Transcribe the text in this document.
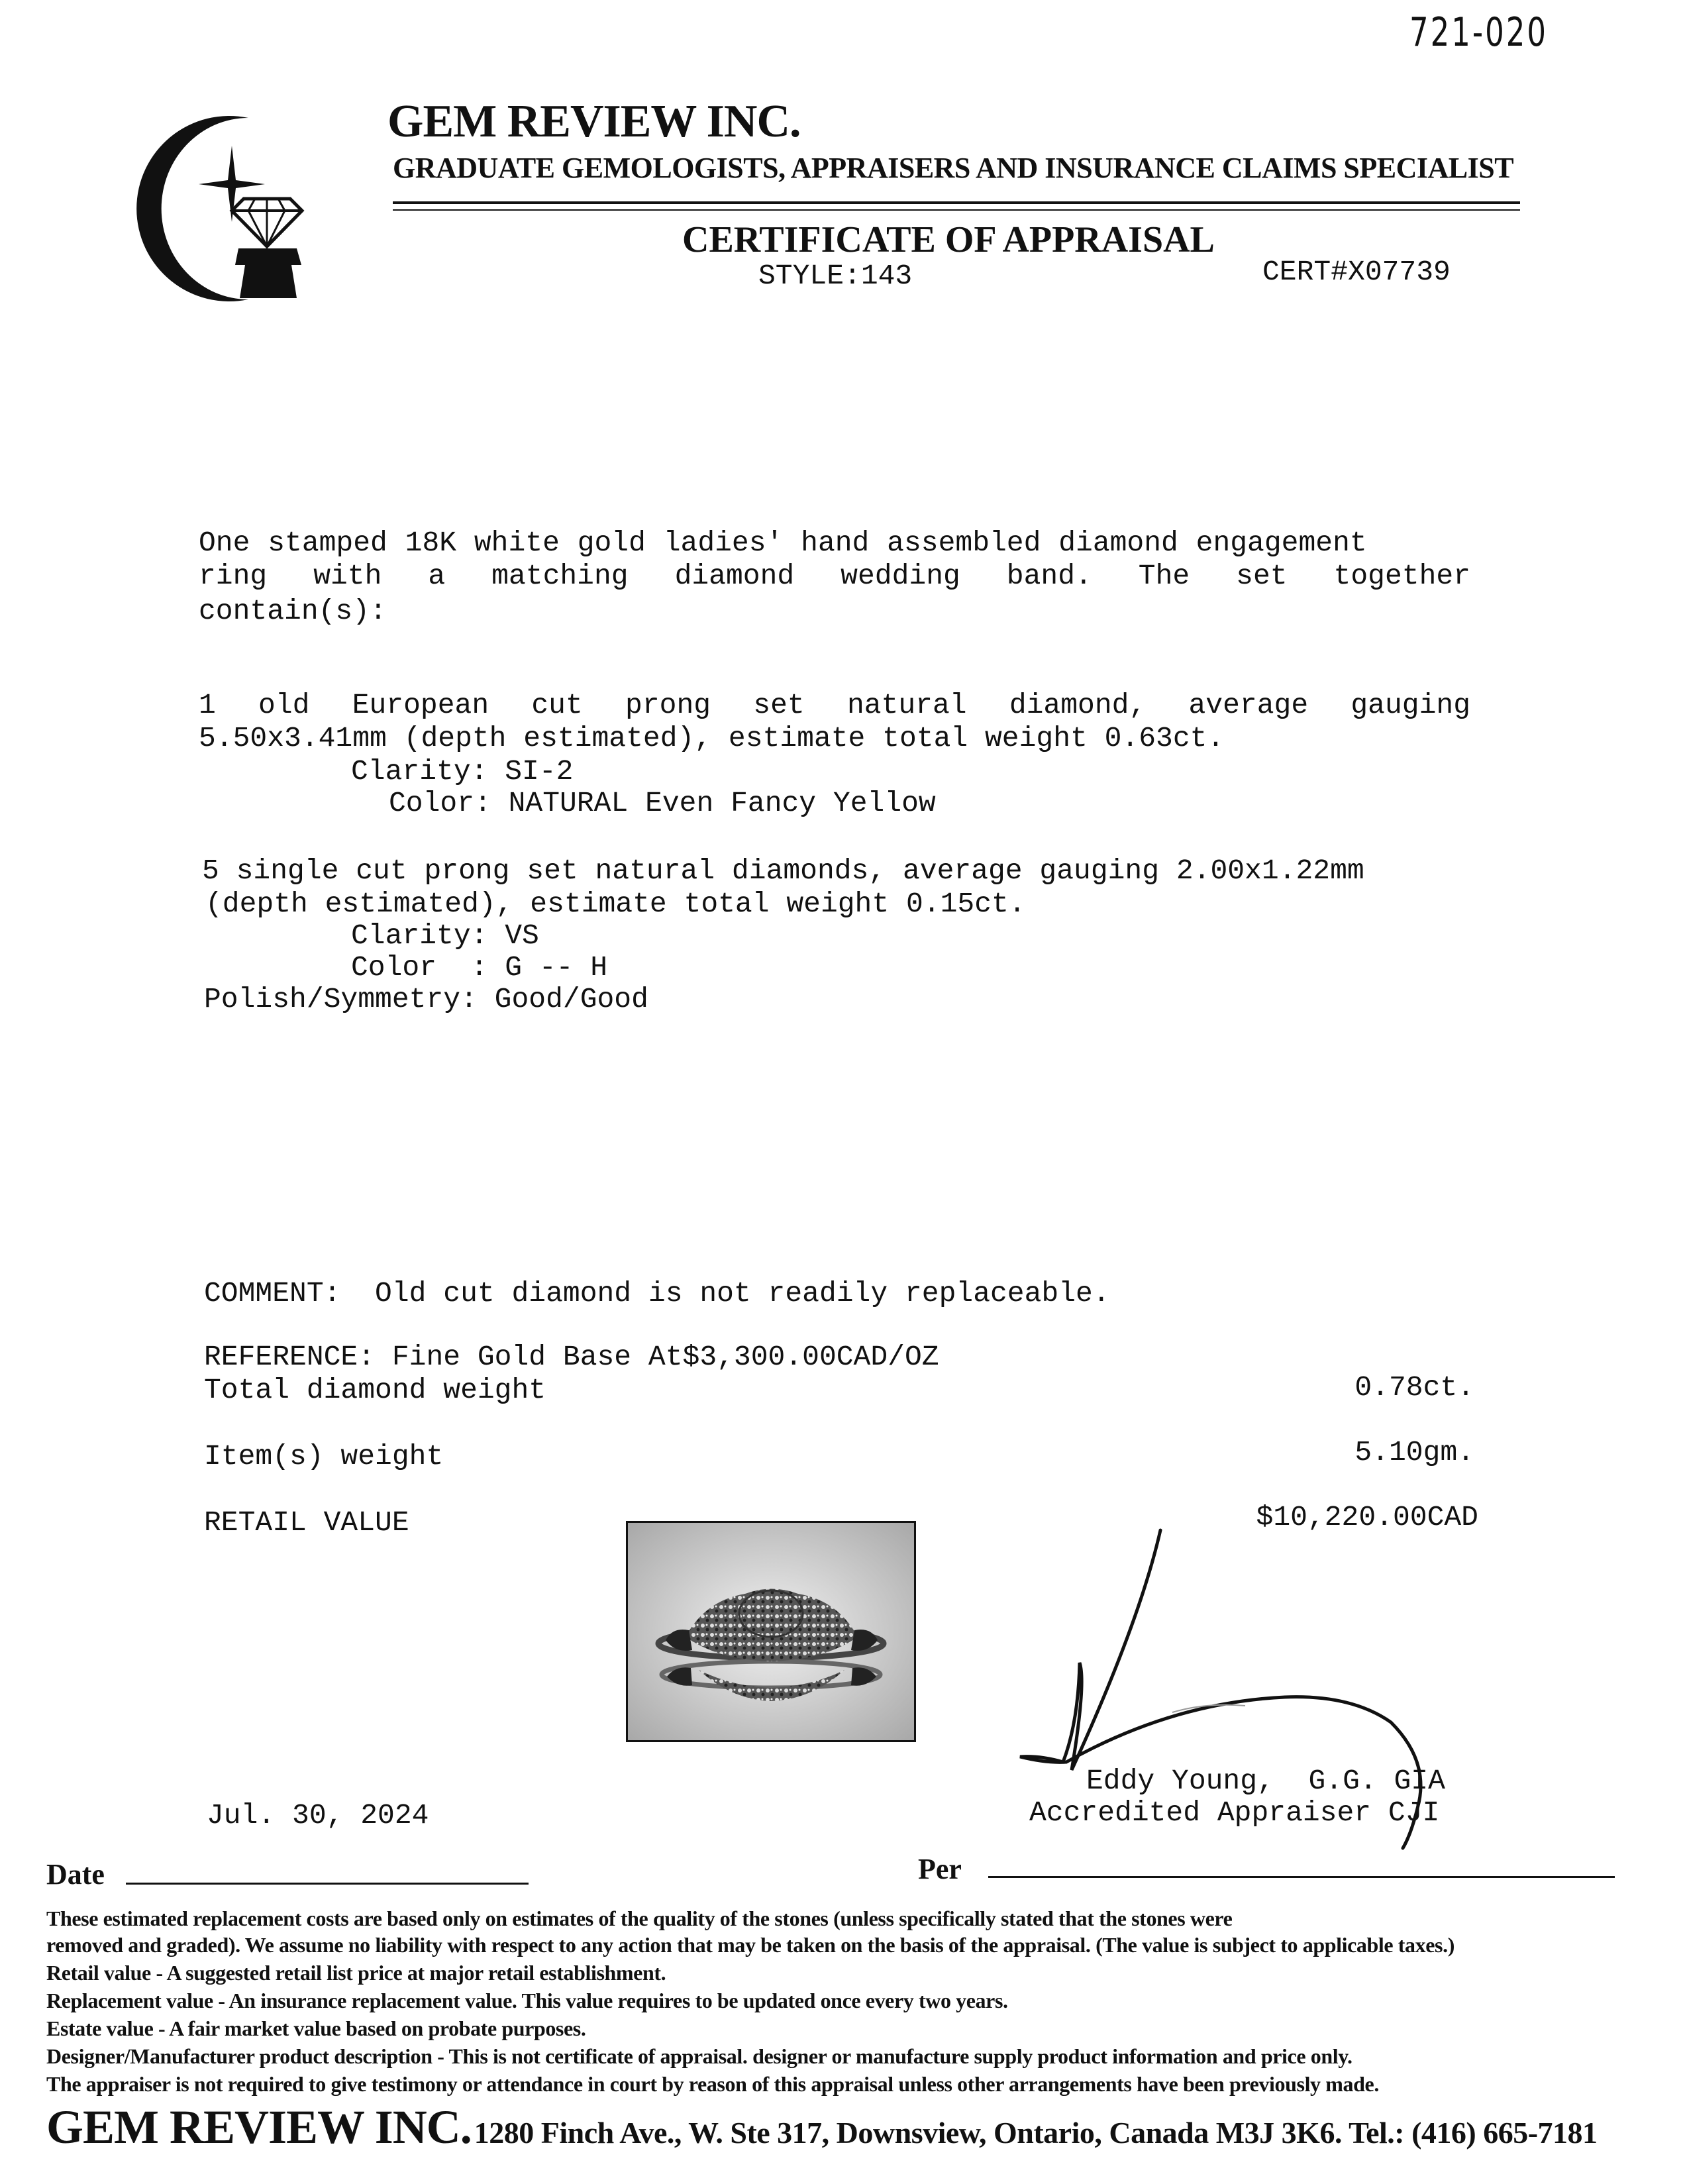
721-020
GEM REVIEW INC.
GRADUATE GEMOLOGISTS, APPRAISERS AND INSURANCE CLAIMS SPECIALIST
CERTIFICATE OF APPRAISAL
STYLE:143	CERT#X07739
One stamped 18K white gold ladies' hand assembled diamond engagement
ring with a matching diamond wedding band. The set together
contain(s):
1 old European cut prong set natural diamond, average gauging
5.50x3.41mm (depth estimated), estimate total weight 0.63ct.
Clarity: SI-2
Color: NATURAL Even Fancy Yellow
5 single cut prong set natural diamonds, average gauging 2.00x1.22mm
(depth estimated), estimate total weight 0.15ct.
Clarity: VS
Color  : G -- H
Polish/Symmetry: Good/Good
COMMENT:  Old cut diamond is not readily replaceable.
REFERENCE: Fine Gold Base At$3,300.00CAD/OZ
Total diamond weight	0.78ct.
Item(s) weight	5.10gm.
RETAIL VALUE	$10,220.00CAD
Jul. 30, 2024
Eddy Young,  G.G. GIA
Accredited Appraiser CJI
Date	Per
These estimated replacement costs are based only on estimates of the quality of the stones (unless specifically stated that the stones were
removed and graded). We assume no liability with respect to any action that may be taken on the basis of the appraisal. (The value is subject to applicable taxes.)
Retail value - A suggested retail list price at major retail establishment.
Replacement value - An insurance replacement value. This value requires to be updated once every two years.
Estate value - A fair market value based on probate purposes.
Designer/Manufacturer product description - This is not certificate of appraisal. designer or manufacture supply product information and price only.
The appraiser is not required to give testimony or attendance in court by reason of this appraisal unless other arrangements have been previously made.
GEM REVIEW INC. 1280 Finch Ave., W. Ste 317, Downsview, Ontario, Canada M3J 3K6. Tel.: (416) 665-7181
